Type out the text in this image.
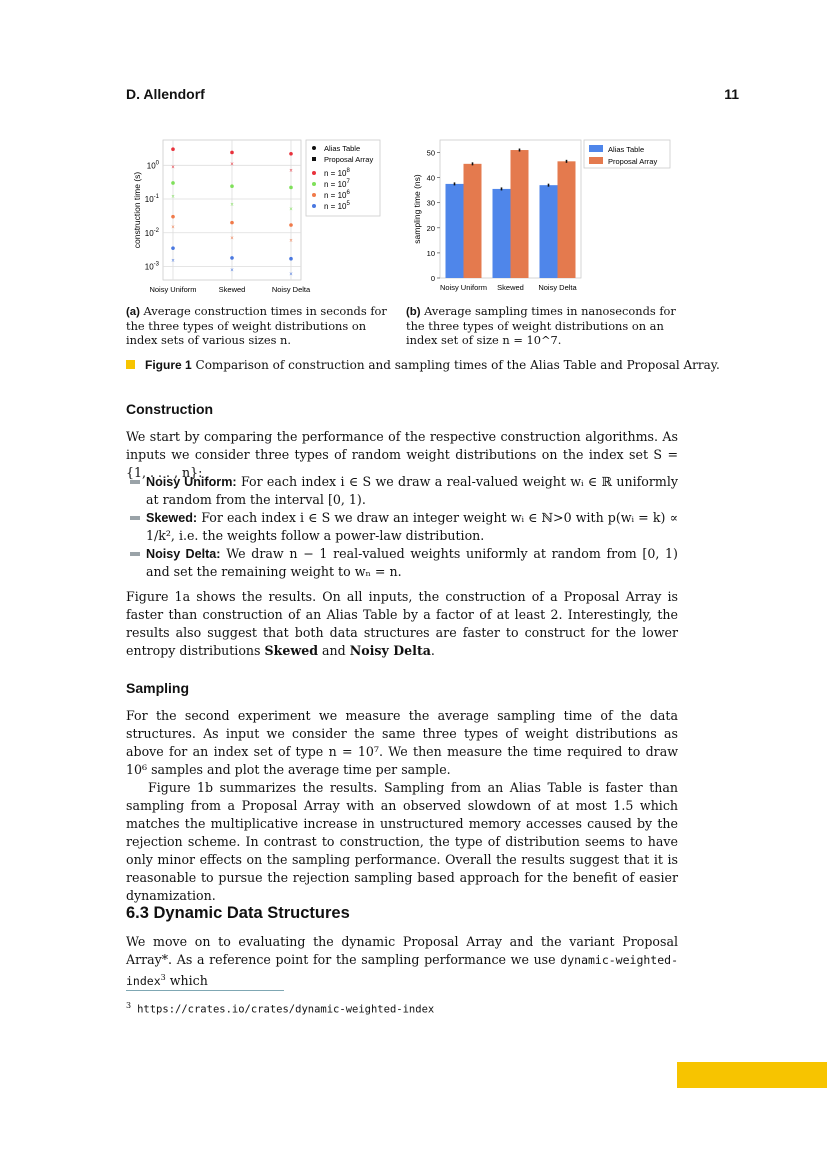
D. Allendorf	11
$10^0$
$10^{-1}$
$10^{-2}$
$10^{-3}$
Noisy Uniform	Skewed	Noisy Delta
construction time (s)
×	×
×
×
×
×
×
×	×
×
×
×
Alias Table
Proposal Array
$n = 10^8$
$n = 10^7$
$n = 10^6$
$n = 10^5$
0
10
20
30
40
50
sampling time (ns)
Noisy Uniform Skewed Noisy Delta
Alias Table
Proposal Array
(a) Average construction times in seconds for the three types of weight distributions on index sets of various sizes n.
(b) Average sampling times in nanoseconds for the three types of weight distributions on an index set of size n = 10^7.
Figure 1 Comparison of construction and sampling times of the Alias Table and Proposal Array.
Construction
We start by comparing the performance of the respective construction algorithms. As inputs we consider three types of random weight distributions on the index set S = {1, . . . , n}:
Noisy Uniform: For each index i ∈ S we draw a real-valued weight wᵢ ∈ ℝ uniformly at random from the interval [0, 1).
Skewed: For each index i ∈ S we draw an integer weight wᵢ ∈ ℕ>0 with p(wᵢ = k) ∝ 1/k², i.e. the weights follow a power-law distribution.
Noisy Delta: We draw n − 1 real-valued weights uniformly at random from [0, 1) and set the remaining weight to wₙ = n.
Figure 1a shows the results. On all inputs, the construction of a Proposal Array is faster than construction of an Alias Table by a factor of at least 2. Interestingly, the results also suggest that both data structures are faster to construct for the lower entropy distributions Skewed and Noisy Delta.
Sampling
For the second experiment we measure the average sampling time of the data structures. As input we consider the same three types of weight distributions as above for an index set of type n = 10⁷. We then measure the time required to draw 10⁶ samples and plot the average time per sample.
Figure 1b summarizes the results. Sampling from an Alias Table is faster than sampling from a Proposal Array with an observed slowdown of at most 1.5 which matches the multiplicative increase in unstructured memory accesses caused by the rejection scheme. In contrast to construction, the type of distribution seems to have only minor effects on the sampling performance. Overall the results suggest that it is reasonable to pursue the rejection sampling based approach for the benefit of easier dynamization.
6.3 Dynamic Data Structures
We move on to evaluating the dynamic Proposal Array and the variant Proposal Array*. As a reference point for the sampling performance we use dynamic-weighted-index$^3$ which
$^3$ https://crates.io/crates/dynamic-weighted-index
